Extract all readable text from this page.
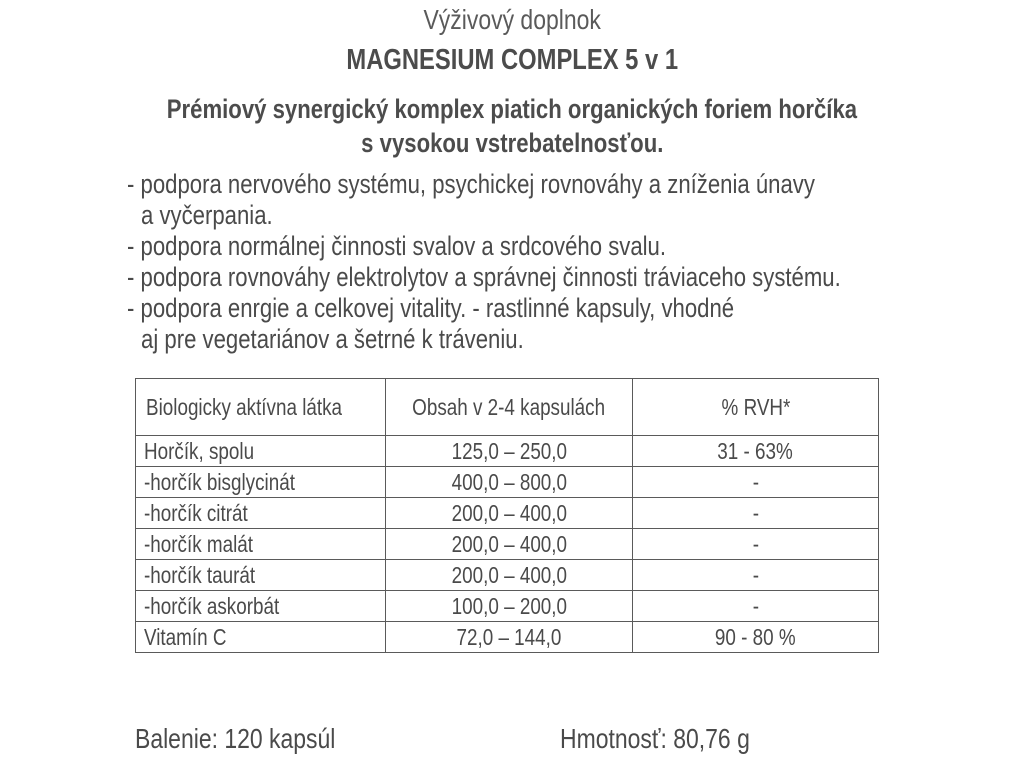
Výživový doplnok
MAGNESIUM COMPLEX 5 v 1
Prémiový synergický komplex piatich organických foriem horčíka
s vysokou vstrebatelnosťou.
- podpora nervového systému, psychickej rovnováhy a zníženia únavy
a vyčerpania.
- podpora normálnej činnosti svalov a srdcového svalu.
- podpora rovnováhy elektrolytov a správnej činnosti tráviaceho systému.
- podpora enrgie a celkovej vitality. - rastlinné kapsuly, vhodné
aj pre vegetariánov a šetrné k tráveniu.
Biologicky aktívna látka	Obsah v 2-4 kapsulách	% RVH*
Horčík, spolu	125,0 – 250,0	31 - 63%
-horčík bisglycinát	400,0 – 800,0	-
-horčík citrát	200,0 – 400,0	-
-horčík malát	200,0 – 400,0	-
-horčík taurát	200,0 – 400,0	-
-horčík askorbát	100,0 – 200,0	-
Vitamín C	72,0 – 144,0	90 - 80 %
Balenie: 120 kapsúl	Hmotnosť: 80,76 g
